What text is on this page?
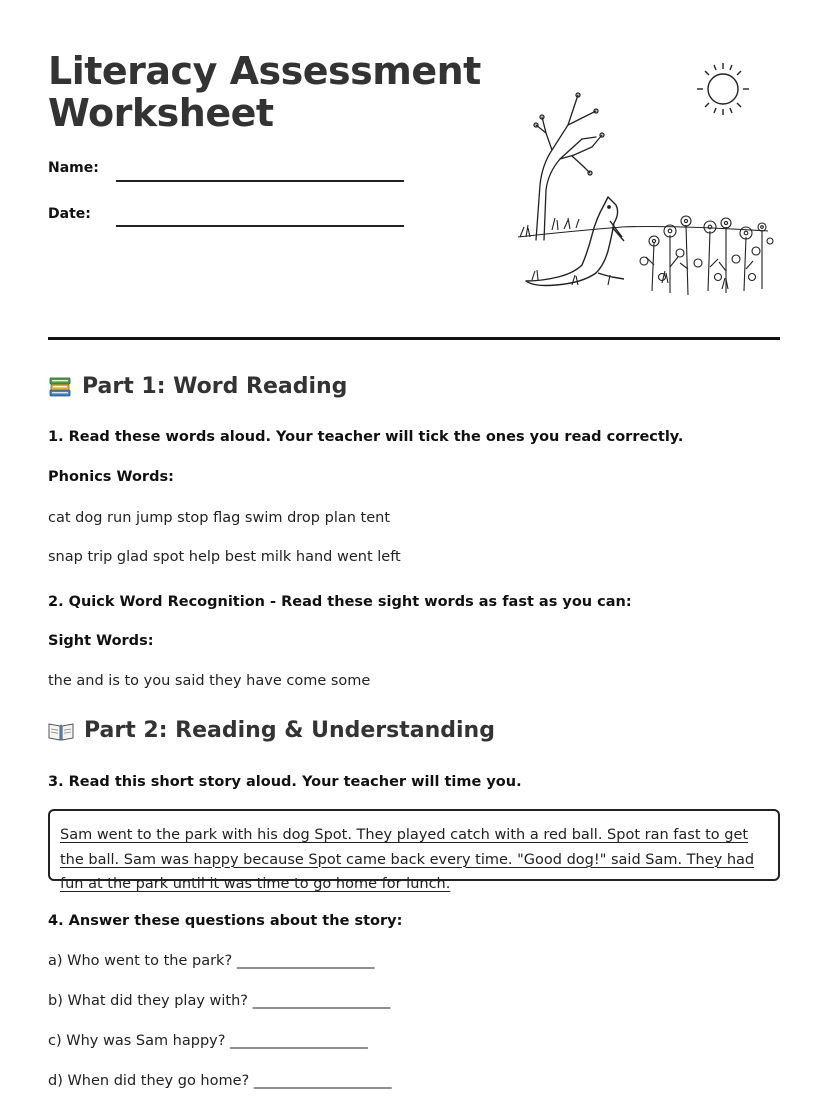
Literacy Assessment
Worksheet
Name:
Date:
Part 1: Word Reading

1. Read these words aloud. Your teacher will tick the ones you read correctly.

Phonics Words:

cat dog run jump stop flag swim drop plan tent

snap trip glad spot help best milk hand went left

2. Quick Word Recognition - Read these sight words as fast as you can:

Sight Words:

the and is to you said they have come some

Part 2: Reading & Understanding

3. Read this short story aloud. Your teacher will time you.

Sam went to the park with his dog Spot. They played catch with a red ball. Spot ran fast to get the ball. Sam was happy because Spot came back every time. "Good dog!" said Sam. They had fun at the park until it was time to go home for lunch.

4. Answer these questions about the story:

a) Who went to the park? ___________________

b) What did they play with? ___________________

c) Why was Sam happy? ___________________

d) When did they go home? ___________________
